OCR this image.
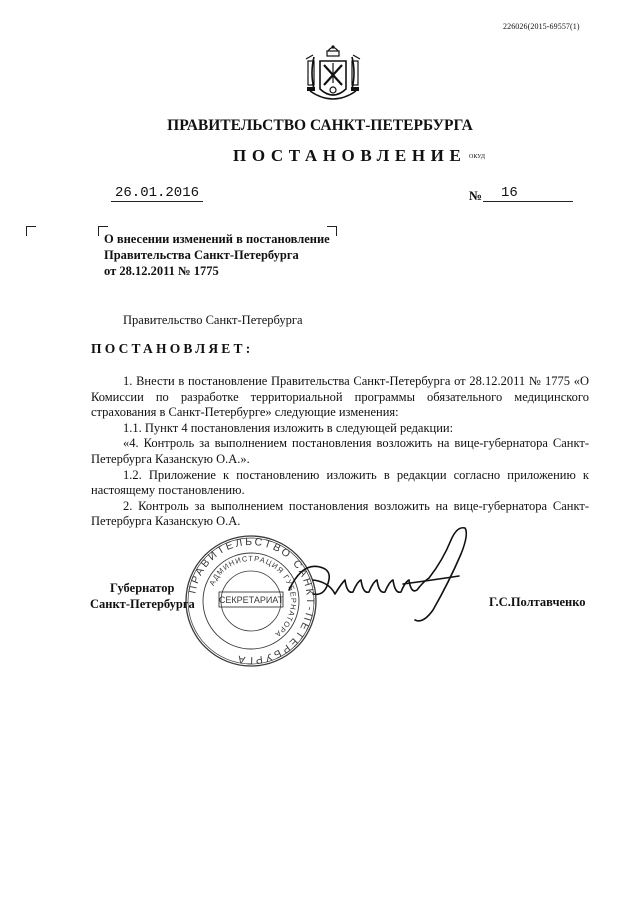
226026(2015-69557(1)
ПРАВИТЕЛЬСТВО САНКТ-ПЕТЕРБУРГА
ПОСТАНОВЛЕНИЕ ОКУД
26.01.2016	№	16
О внесении изменений в постановление
Правительства Санкт-Петербурга
от 28.12.2011 № 1775
Правительство Санкт-Петербурга
ПОСТАНОВЛЯЕТ:

1. Внести в постановление Правительства Санкт-Петербурга от 28.12.2011 № 1775 «О Комиссии по разработке территориальной программы обязательного медицинского страхования в Санкт-Петербурге» следующие изменения:

1.1. Пункт 4 постановления изложить в следующей редакции:

«4. Контроль за выполнением постановления возложить на вице-губернатора Санкт-Петербурга Казанскую О.А.».

1.2. Приложение к постановлению изложить в редакции согласно приложению к настоящему постановлению.

2. Контроль за выполнением постановления возложить на вице-губернатора Санкт-Петербурга Казанскую О.А.

ПРАВИТЕЛЬСТВО САНКТ-ПЕТЕРБУРГА
АДМИНИСТРАЦИЯ ГУБЕРНАТОРА
СЕКРЕТАРИАТ
Губернатор
Санкт-Петербурга	Г.С.Полтавченко
